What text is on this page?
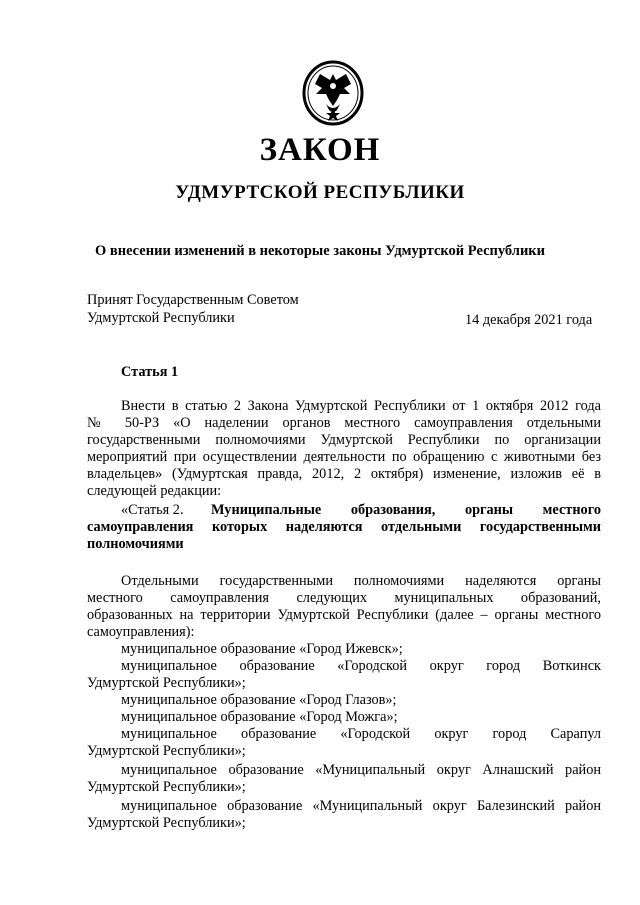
ЗАКОН
УДМУРТСКОЙ РЕСПУБЛИКИ
О внесении изменений в некоторые законы Удмуртской Республики
Принят Государственным Советом
Удмуртской Республики	14 декабря 2021 года
Статья 1
Внести в статью 2 Закона Удмуртской Республики от 1 октября 2012 года
№ 50-РЗ «О наделении органов местного самоуправления отдельными
государственными полномочиями Удмуртской Республики по организации
мероприятий при осуществлении деятельности по обращению с животными без
владельцев» (Удмуртская правда, 2012, 2 октября) изменение, изложив её в
следующей редакции:
«Статья 2. Муниципальные образования, органы местного
самоуправления которых наделяются отдельными государственными
полномочиями
Отдельными государственными полномочиями наделяются органы
местного самоуправления следующих муниципальных образований,
образованных на территории Удмуртской Республики (далее – органы местного
самоуправления):
муниципальное образование «Город Ижевск»;
муниципальное образование «Городской округ город Воткинск
Удмуртской Республики»;
муниципальное образование «Город Глазов»;
муниципальное образование «Город Можга»;
муниципальное образование «Городской округ город Сарапул
Удмуртской Республики»;
муниципальное образование «Муниципальный округ Алнашский район
Удмуртской Республики»;
муниципальное образование «Муниципальный округ Балезинский район
Удмуртской Республики»;
